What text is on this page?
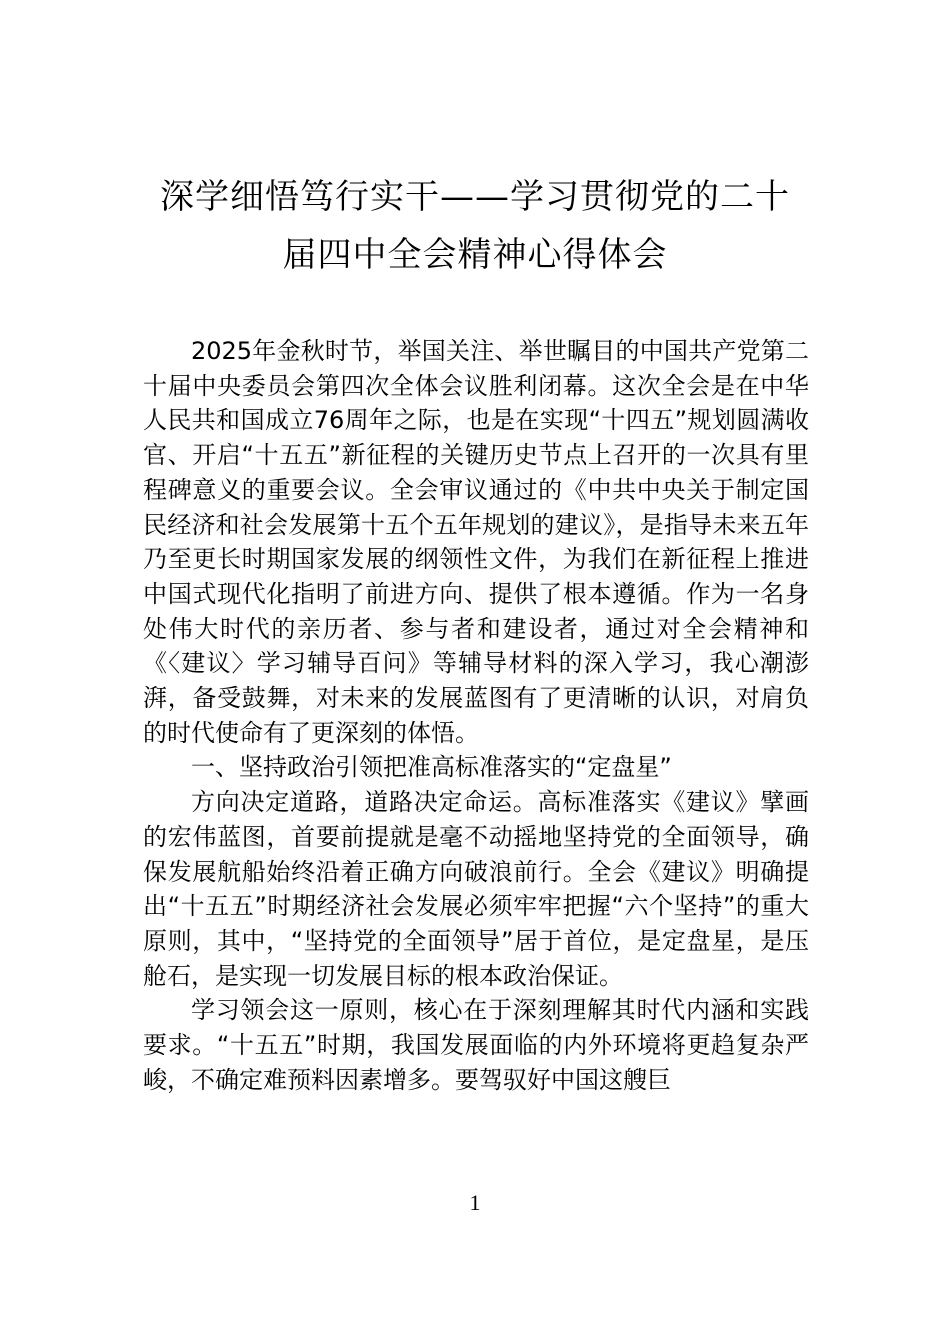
深学细悟笃行实干——学习贯彻党的二十
届四中全会精神心得体会

2025年金秋时节，举国关注、举世瞩目的中国共产党第二十届中央委员会第四次全体会议胜利闭幕。这次全会是在中华人民共和国成立76周年之际，也是在实现“十四五”规划圆满收官、开启“十五五”新征程的关键历史节点上召开的一次具有里程碑意义的重要会议。全会审议通过的《中共中央关于制定国民经济和社会发展第十五个五年规划的建议》，是指导未来五年乃至更长时期国家发展的纲领性文件，为我们在新征程上推进中国式现代化指明了前进方向、提供了根本遵循。作为一名身处伟大时代的亲历者、参与者和建设者，通过对全会精神和《〈建议〉学习辅导百问》等辅导材料的深入学习，我心潮澎湃，备受鼓舞，对未来的发展蓝图有了更清晰的认识，对肩负的时代使命有了更深刻的体悟。

一、坚持政治引领把准高标准落实的“定盘星”

方向决定道路，道路决定命运。高标准落实《建议》擘画的宏伟蓝图，首要前提就是毫不动摇地坚持党的全面领导，确保发展航船始终沿着正确方向破浪前行。全会《建议》明确提出“十五五”时期经济社会发展必须牢牢把握“六个坚持”的重大原则，其中，“坚持党的全面领导”居于首位，是定盘星，是压舱石，是实现一切发展目标的根本政治保证。

学习领会这一原则，核心在于深刻理解其时代内涵和实践要求。“十五五”时期，我国发展面临的内外环境将更趋复杂严峻，不确定难预料因素增多。要驾驭好中国这艘巨

1
